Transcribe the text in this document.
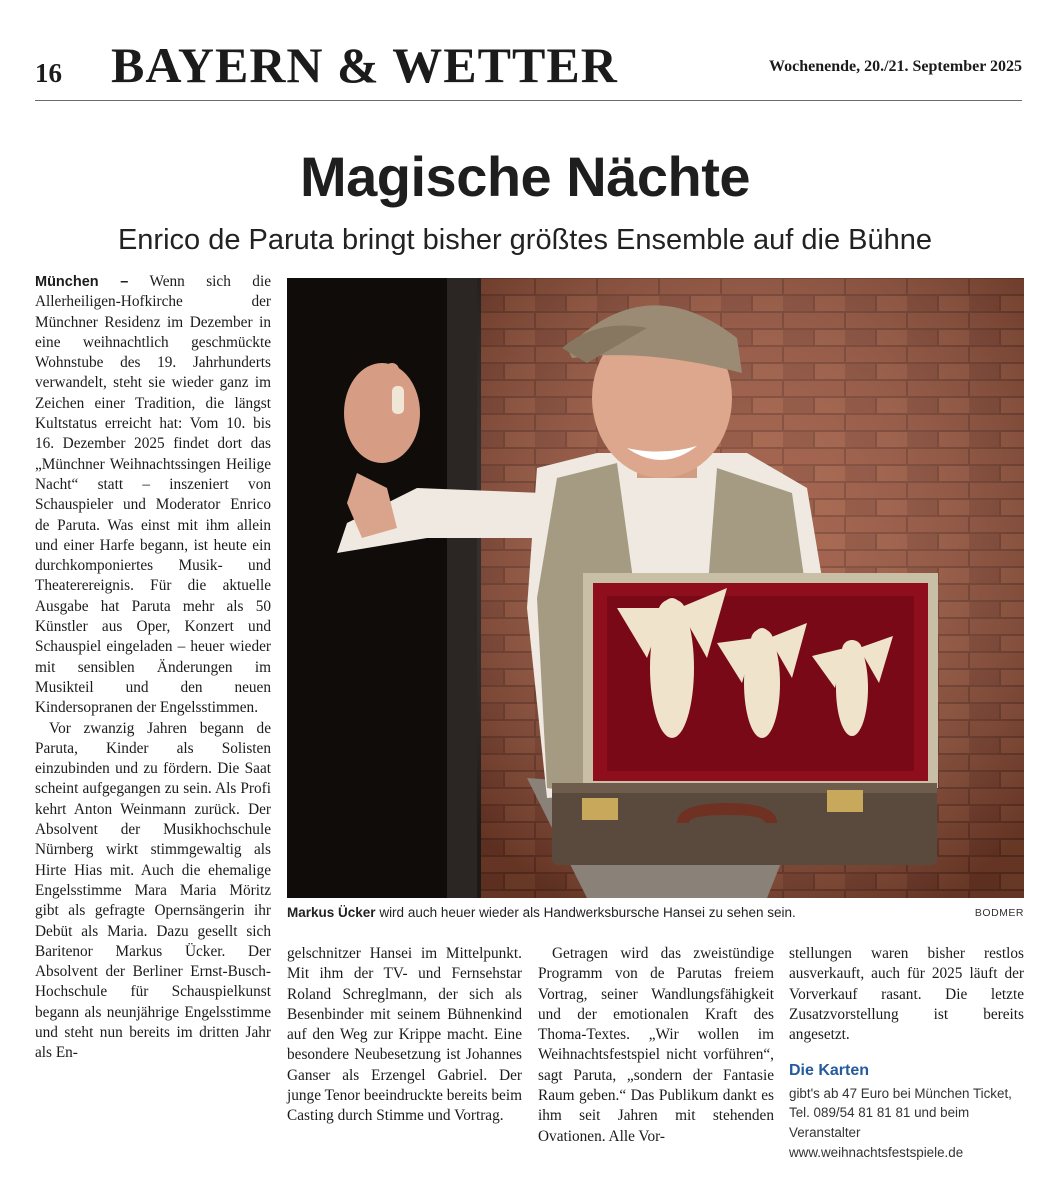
16 BAYERN & WETTER	Wochenende, 20./21. September 2025
Magische Nächte
Enrico de Paruta bringt bisher größtes Ensemble auf die Bühne

München – Wenn sich die Allerheiligen-Hofkirche der Münchner Residenz im Dezember in eine weihnachtlich geschmückte Wohnstube des 19. Jahrhunderts verwandelt, steht sie wieder ganz im Zeichen einer Tradition, die längst Kultstatus erreicht hat: Vom 10. bis 16. Dezember 2025 findet dort das „Münchner Weihnachtssingen Heilige Nacht“ statt – inszeniert von Schauspieler und Moderator Enrico de Paruta. Was einst mit ihm allein und einer Harfe begann, ist heute ein durchkomponiertes Musik- und Theaterereignis. Für die aktuelle Ausgabe hat Paruta mehr als 50 Künstler aus Oper, Konzert und Schauspiel eingeladen – heuer wieder mit sensiblen Änderungen im Musikteil und den neuen Kindersopranen der Engelsstimmen.

Vor zwanzig Jahren begann de Paruta, Kinder als Solisten einzubinden und zu fördern. Die Saat scheint aufgegangen zu sein. Als Profi kehrt Anton Weinmann zurück. Der Absolvent der Musikhochschule Nürnberg wirkt stimmgewaltig als Hirte Hias mit. Auch die ehemalige Engelsstimme Mara Maria Möritz gibt als gefragte Opernsängerin ihr Debüt als Maria. Dazu gesellt sich Baritenor Markus Ücker. Der Absolvent der Berliner Ernst-Busch-Hochschule für Schauspielkunst begann als neunjährige Engelsstimme und steht nun bereits im dritten Jahr als En-

Markus Ücker wird auch heuer wieder als Handwerksbursche Hansei zu sehen sein.	BODMER

gelschnitzer Hansei im Mittelpunkt. Mit ihm der TV- und Fernsehstar Roland Schreglmann, der sich als Besenbinder mit seinem Bühnenkind auf den Weg zur Krippe macht. Eine besondere Neubesetzung ist Johannes Ganser als Erzengel Gabriel. Der junge Tenor beeindruckte bereits beim Casting durch Stimme und Vortrag.

Getragen wird das zweistündige Programm von de Parutas freiem Vortrag, seiner Wandlungsfähigkeit und der emotionalen Kraft des Thoma-Textes. „Wir wollen im Weihnachtsfestspiel nicht vorführen“, sagt Paruta, „sondern der Fantasie Raum geben.“ Das Publikum dankt es ihm seit Jahren mit stehenden Ovationen. Alle Vor-

stellungen waren bisher restlos ausverkauft, auch für 2025 läuft der Vorverkauf rasant. Die letzte Zusatzvorstellung ist bereits angesetzt.

Die Karten
gibt's ab 47 Euro bei München Ticket, Tel. 089/54 81 81 81 und beim Veranstalter www.weihnachtsfestspiele.de
